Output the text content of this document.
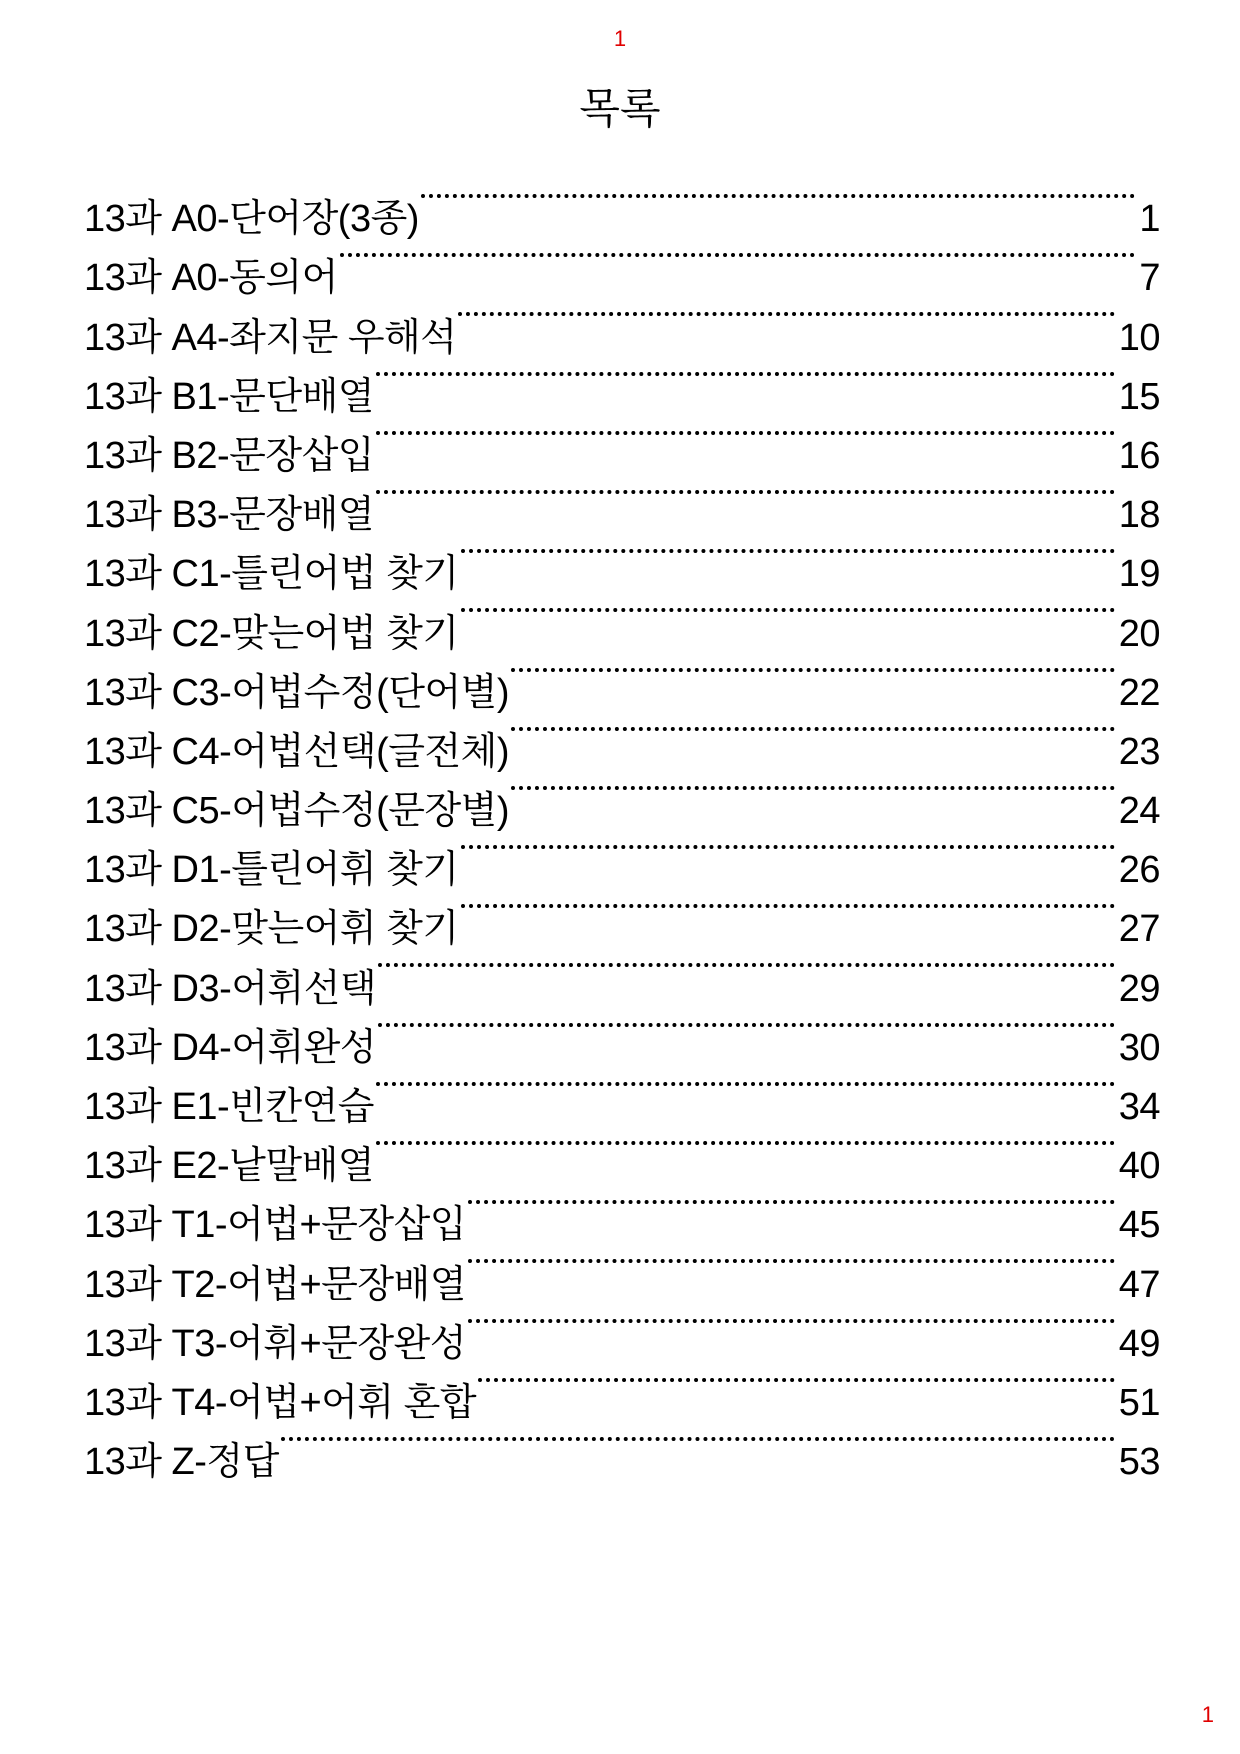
1
목록
13과 A0-단어장(3종)	1
13과 A0-동의어	7
13과 A4-좌지문 우해석	10
13과 B1-문단배열	15
13과 B2-문장삽입	16
13과 B3-문장배열	18
13과 C1-틀린어법 찾기	19
13과 C2-맞는어법 찾기	20
13과 C3-어법수정(단어별)	22
13과 C4-어법선택(글전체)	23
13과 C5-어법수정(문장별)	24
13과 D1-틀린어휘 찾기	26
13과 D2-맞는어휘 찾기	27
13과 D3-어휘선택	29
13과 D4-어휘완성	30
13과 E1-빈칸연습	34
13과 E2-낱말배열	40
13과 T1-어법+문장삽입	45
13과 T2-어법+문장배열	47
13과 T3-어휘+문장완성	49
13과 T4-어법+어휘 혼합	51
13과 Z-정답	53
1
